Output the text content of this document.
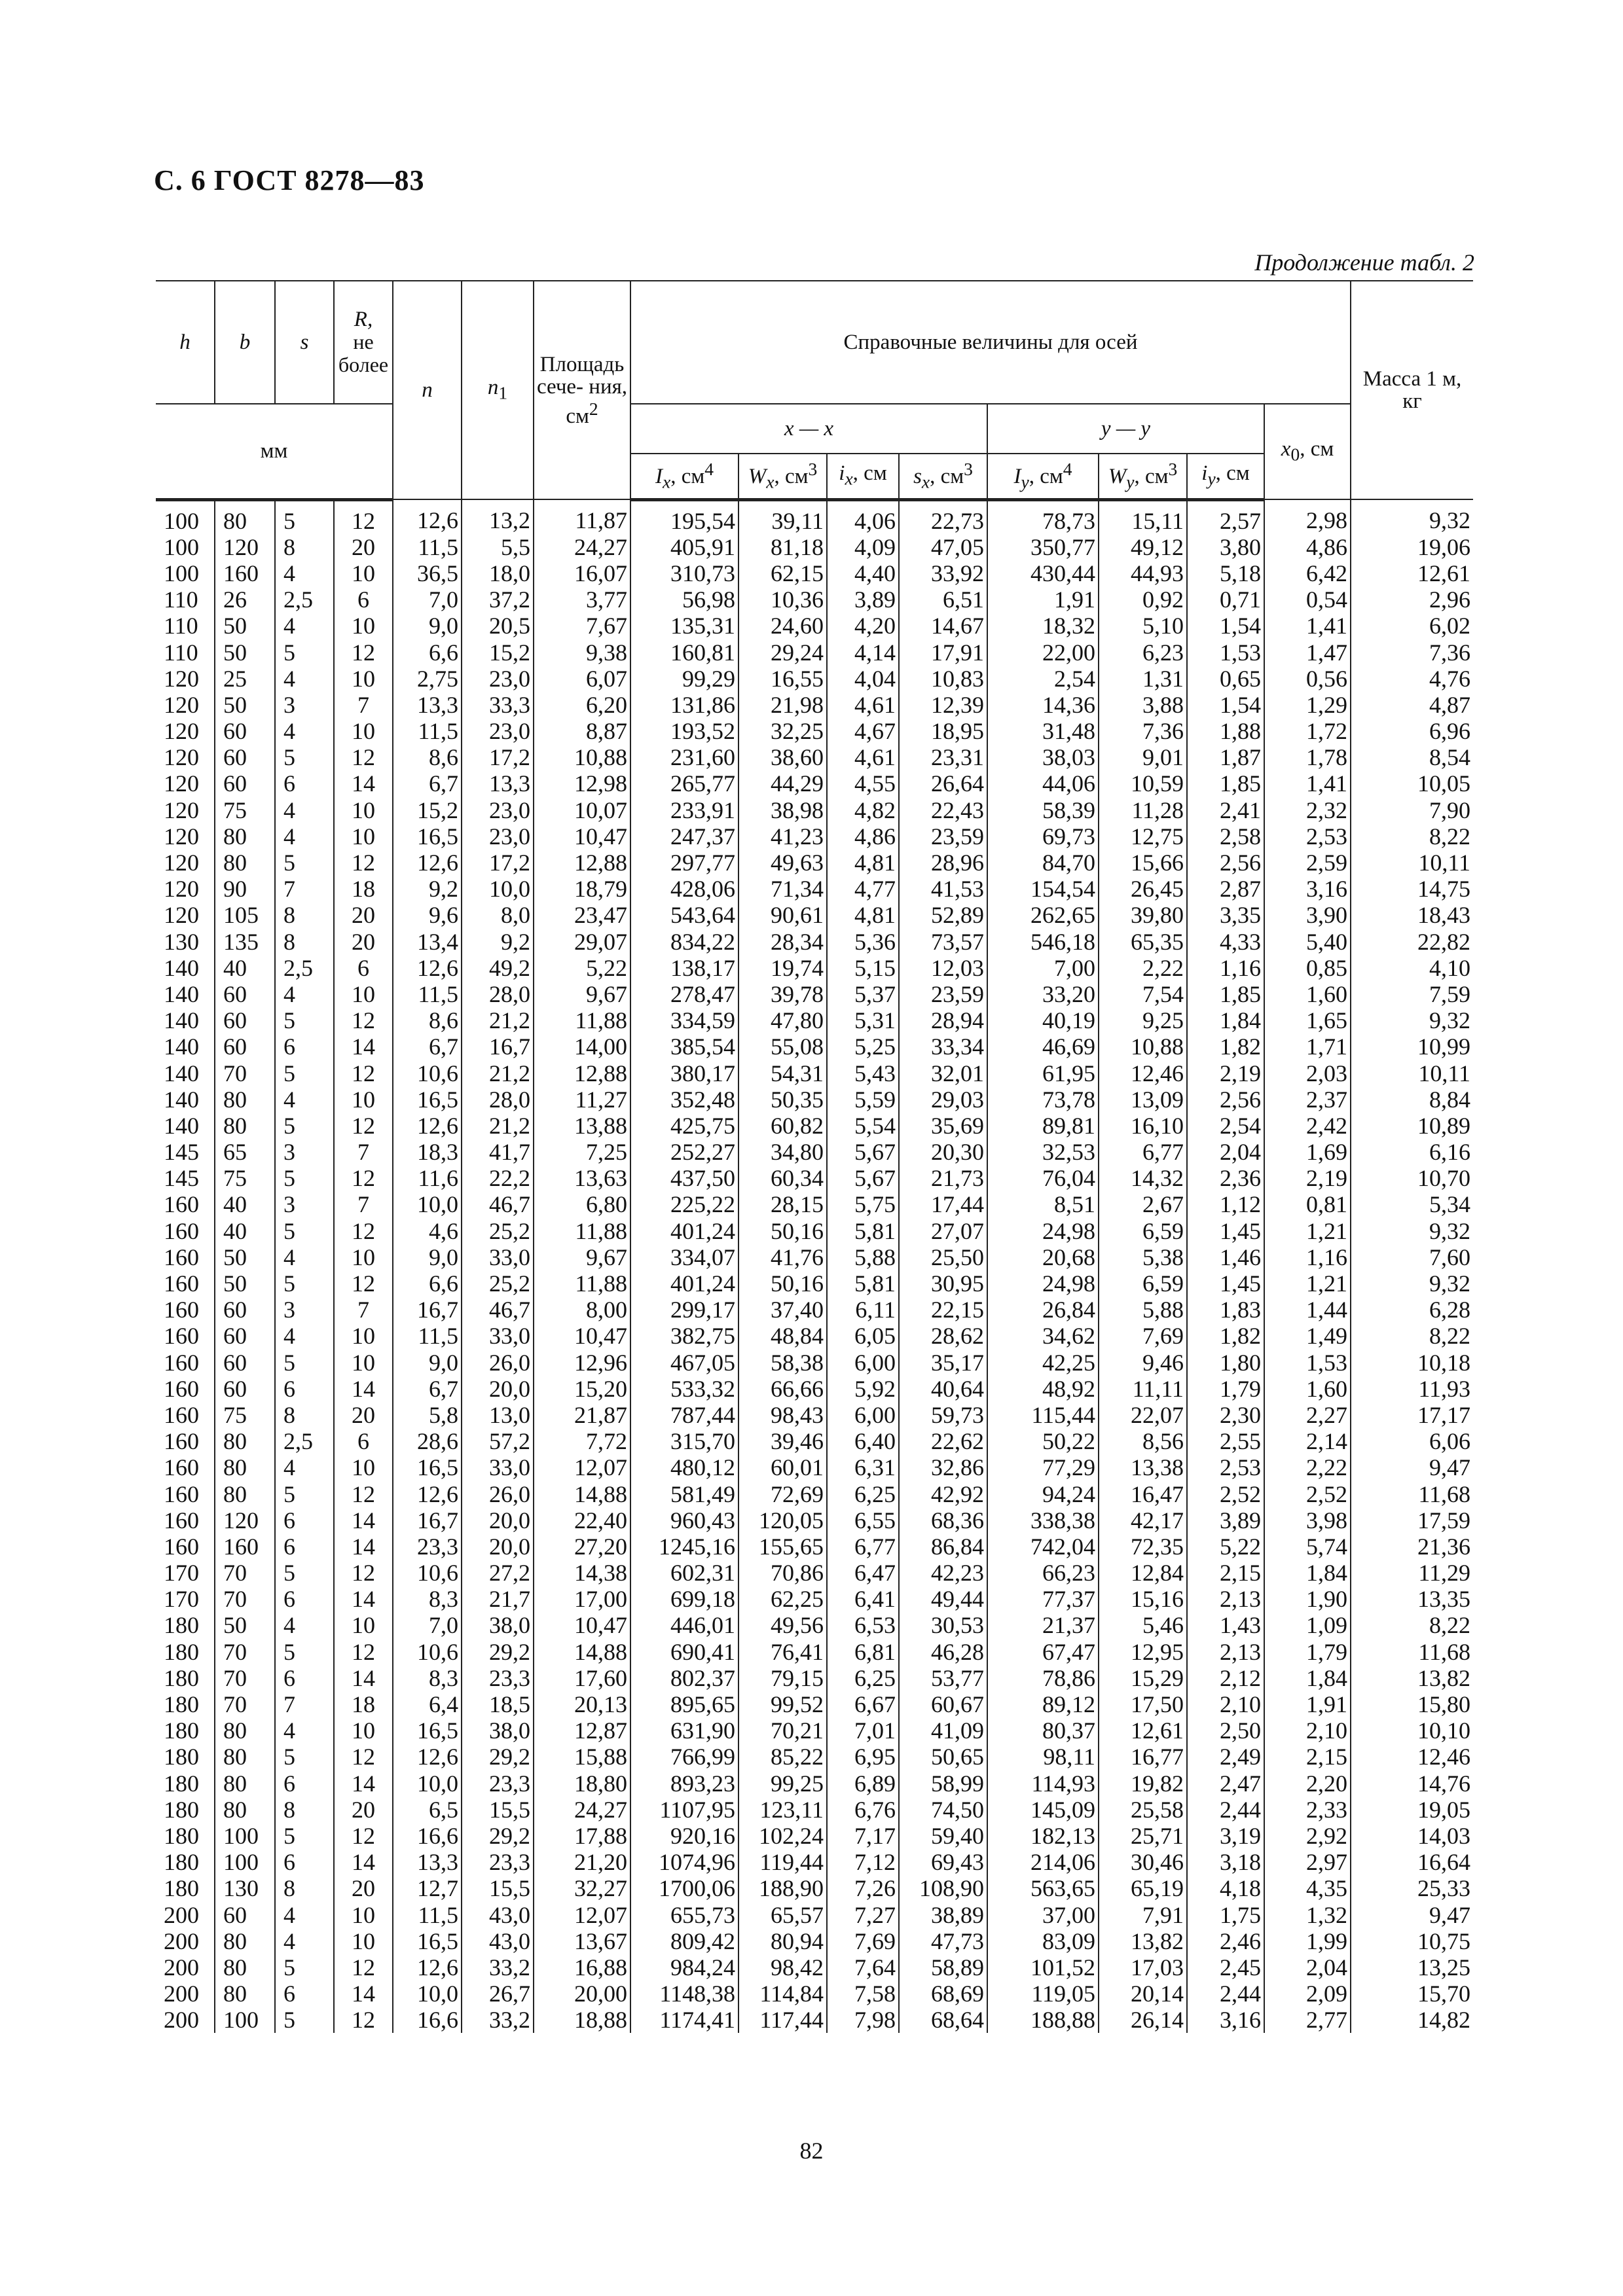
С. 6 ГОСТ 8278—83
Продолжение табл. 2
h	b	s	R,
не более	n	$n_1$	Площадь сече- ния, $см^2$	Справочные величины для осей								Масса 1 м, кг
мм							x — x				y — y			$x_0$, см	
							$I_x$, $см^4$	$W_x$, $см^3$	$i_x$, см	$s_x$, $см^3$	$I_y$, $см^4$	$W_y$, $см^3$	$i_y$, см		
100	80	5	12	12,6	13,2	11,87	195,54	39,11	4,06	22,73	78,73	15,11	2,57	2,98	9,32
100	120	8	20	11,5	5,5	24,27	405,91	81,18	4,09	47,05	350,77	49,12	3,80	4,86	19,06
100	160	4	10	36,5	18,0	16,07	310,73	62,15	4,40	33,92	430,44	44,93	5,18	6,42	12,61
110	26	2,5	6	7,0	37,2	3,77	56,98	10,36	3,89	6,51	1,91	0,92	0,71	0,54	2,96
110	50	4	10	9,0	20,5	7,67	135,31	24,60	4,20	14,67	18,32	5,10	1,54	1,41	6,02
110	50	5	12	6,6	15,2	9,38	160,81	29,24	4,14	17,91	22,00	6,23	1,53	1,47	7,36
120	25	4	10	2,75	23,0	6,07	99,29	16,55	4,04	10,83	2,54	1,31	0,65	0,56	4,76
120	50	3	7	13,3	33,3	6,20	131,86	21,98	4,61	12,39	14,36	3,88	1,54	1,29	4,87
120	60	4	10	11,5	23,0	8,87	193,52	32,25	4,67	18,95	31,48	7,36	1,88	1,72	6,96
120	60	5	12	8,6	17,2	10,88	231,60	38,60	4,61	23,31	38,03	9,01	1,87	1,78	8,54
120	60	6	14	6,7	13,3	12,98	265,77	44,29	4,55	26,64	44,06	10,59	1,85	1,41	10,05
120	75	4	10	15,2	23,0	10,07	233,91	38,98	4,82	22,43	58,39	11,28	2,41	2,32	7,90
120	80	4	10	16,5	23,0	10,47	247,37	41,23	4,86	23,59	69,73	12,75	2,58	2,53	8,22
120	80	5	12	12,6	17,2	12,88	297,77	49,63	4,81	28,96	84,70	15,66	2,56	2,59	10,11
120	90	7	18	9,2	10,0	18,79	428,06	71,34	4,77	41,53	154,54	26,45	2,87	3,16	14,75
120	105	8	20	9,6	8,0	23,47	543,64	90,61	4,81	52,89	262,65	39,80	3,35	3,90	18,43
130	135	8	20	13,4	9,2	29,07	834,22	28,34	5,36	73,57	546,18	65,35	4,33	5,40	22,82
140	40	2,5	6	12,6	49,2	5,22	138,17	19,74	5,15	12,03	7,00	2,22	1,16	0,85	4,10
140	60	4	10	11,5	28,0	9,67	278,47	39,78	5,37	23,59	33,20	7,54	1,85	1,60	7,59
140	60	5	12	8,6	21,2	11,88	334,59	47,80	5,31	28,94	40,19	9,25	1,84	1,65	9,32
140	60	6	14	6,7	16,7	14,00	385,54	55,08	5,25	33,34	46,69	10,88	1,82	1,71	10,99
140	70	5	12	10,6	21,2	12,88	380,17	54,31	5,43	32,01	61,95	12,46	2,19	2,03	10,11
140	80	4	10	16,5	28,0	11,27	352,48	50,35	5,59	29,03	73,78	13,09	2,56	2,37	8,84
140	80	5	12	12,6	21,2	13,88	425,75	60,82	5,54	35,69	89,81	16,10	2,54	2,42	10,89
145	65	3	7	18,3	41,7	7,25	252,27	34,80	5,67	20,30	32,53	6,77	2,04	1,69	6,16
145	75	5	12	11,6	22,2	13,63	437,50	60,34	5,67	21,73	76,04	14,32	2,36	2,19	10,70
160	40	3	7	10,0	46,7	6,80	225,22	28,15	5,75	17,44	8,51	2,67	1,12	0,81	5,34
160	40	5	12	4,6	25,2	11,88	401,24	50,16	5,81	27,07	24,98	6,59	1,45	1,21	9,32
160	50	4	10	9,0	33,0	9,67	334,07	41,76	5,88	25,50	20,68	5,38	1,46	1,16	7,60
160	50	5	12	6,6	25,2	11,88	401,24	50,16	5,81	30,95	24,98	6,59	1,45	1,21	9,32
160	60	3	7	16,7	46,7	8,00	299,17	37,40	6,11	22,15	26,84	5,88	1,83	1,44	6,28
160	60	4	10	11,5	33,0	10,47	382,75	48,84	6,05	28,62	34,62	7,69	1,82	1,49	8,22
160	60	5	10	9,0	26,0	12,96	467,05	58,38	6,00	35,17	42,25	9,46	1,80	1,53	10,18
160	60	6	14	6,7	20,0	15,20	533,32	66,66	5,92	40,64	48,92	11,11	1,79	1,60	11,93
160	75	8	20	5,8	13,0	21,87	787,44	98,43	6,00	59,73	115,44	22,07	2,30	2,27	17,17
160	80	2,5	6	28,6	57,2	7,72	315,70	39,46	6,40	22,62	50,22	8,56	2,55	2,14	6,06
160	80	4	10	16,5	33,0	12,07	480,12	60,01	6,31	32,86	77,29	13,38	2,53	2,22	9,47
160	80	5	12	12,6	26,0	14,88	581,49	72,69	6,25	42,92	94,24	16,47	2,52	2,52	11,68
160	120	6	14	16,7	20,0	22,40	960,43	120,05	6,55	68,36	338,38	42,17	3,89	3,98	17,59
160	160	6	14	23,3	20,0	27,20	1245,16	155,65	6,77	86,84	742,04	72,35	5,22	5,74	21,36
170	70	5	12	10,6	27,2	14,38	602,31	70,86	6,47	42,23	66,23	12,84	2,15	1,84	11,29
170	70	6	14	8,3	21,7	17,00	699,18	62,25	6,41	49,44	77,37	15,16	2,13	1,90	13,35
180	50	4	10	7,0	38,0	10,47	446,01	49,56	6,53	30,53	21,37	5,46	1,43	1,09	8,22
180	70	5	12	10,6	29,2	14,88	690,41	76,41	6,81	46,28	67,47	12,95	2,13	1,79	11,68
180	70	6	14	8,3	23,3	17,60	802,37	79,15	6,25	53,77	78,86	15,29	2,12	1,84	13,82
180	70	7	18	6,4	18,5	20,13	895,65	99,52	6,67	60,67	89,12	17,50	2,10	1,91	15,80
180	80	4	10	16,5	38,0	12,87	631,90	70,21	7,01	41,09	80,37	12,61	2,50	2,10	10,10
180	80	5	12	12,6	29,2	15,88	766,99	85,22	6,95	50,65	98,11	16,77	2,49	2,15	12,46
180	80	6	14	10,0	23,3	18,80	893,23	99,25	6,89	58,99	114,93	19,82	2,47	2,20	14,76
180	80	8	20	6,5	15,5	24,27	1107,95	123,11	6,76	74,50	145,09	25,58	2,44	2,33	19,05
180	100	5	12	16,6	29,2	17,88	920,16	102,24	7,17	59,40	182,13	25,71	3,19	2,92	14,03
180	100	6	14	13,3	23,3	21,20	1074,96	119,44	7,12	69,43	214,06	30,46	3,18	2,97	16,64
180	130	8	20	12,7	15,5	32,27	1700,06	188,90	7,26	108,90	563,65	65,19	4,18	4,35	25,33
200	60	4	10	11,5	43,0	12,07	655,73	65,57	7,27	38,89	37,00	7,91	1,75	1,32	9,47
200	80	4	10	16,5	43,0	13,67	809,42	80,94	7,69	47,73	83,09	13,82	2,46	1,99	10,75
200	80	5	12	12,6	33,2	16,88	984,24	98,42	7,64	58,89	101,52	17,03	2,45	2,04	13,25
200	80	6	14	10,0	26,7	20,00	1148,38	114,84	7,58	68,69	119,05	20,14	2,44	2,09	15,70
200	100	5	12	16,6	33,2	18,88	1174,41	117,44	7,98	68,64	188,88	26,14	3,16	2,77	14,82
82
